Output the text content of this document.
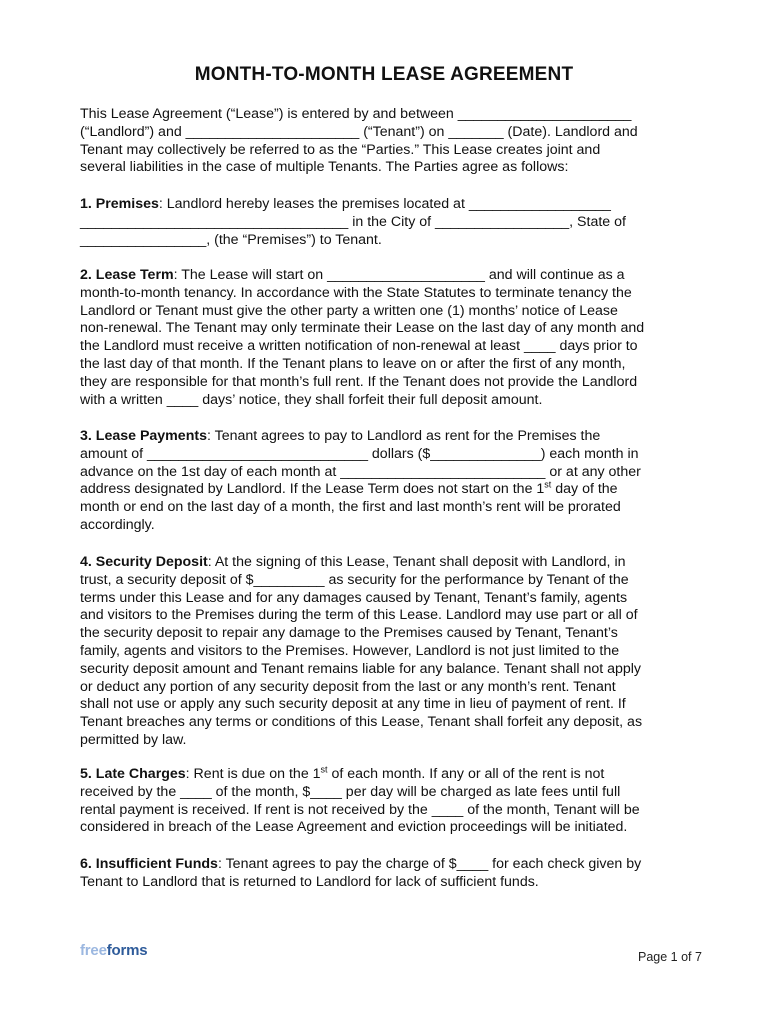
MONTH-TO-MONTH LEASE AGREEMENT
This Lease Agreement (“Lease”) is entered by and between ______________________
(“Landlord”) and ______________________ (“Tenant”) on _______ (Date). Landlord and
Tenant may collectively be referred to as the “Parties.” This Lease creates joint and
several liabilities in the case of multiple Tenants. The Parties agree as follows:
1. Premises: Landlord hereby leases the premises located at __________________
__________________________________ in the City of _________________, State of
________________, (the “Premises”) to Tenant.
2. Lease Term: The Lease will start on ____________________ and will continue as a
month-to-month tenancy. In accordance with the State Statutes to terminate tenancy the
Landlord or Tenant must give the other party a written one (1) months’ notice of Lease
non-renewal. The Tenant may only terminate their Lease on the last day of any month and
the Landlord must receive a written notification of non-renewal at least ____ days prior to
the last day of that month. If the Tenant plans to leave on or after the first of any month,
they are responsible for that month’s full rent. If the Tenant does not provide the Landlord
with a written ____ days’ notice, they shall forfeit their full deposit amount.
3. Lease Payments: Tenant agrees to pay to Landlord as rent for the Premises the
amount of ____________________________ dollars ($______________) each month in
advance on the 1st day of each month at __________________________ or at any other
address designated by Landlord. If the Lease Term does not start on the 1st day of the
month or end on the last day of a month, the first and last month’s rent will be prorated
accordingly.
4. Security Deposit: At the signing of this Lease, Tenant shall deposit with Landlord, in
trust, a security deposit of $_________ as security for the performance by Tenant of the
terms under this Lease and for any damages caused by Tenant, Tenant’s family, agents
and visitors to the Premises during the term of this Lease. Landlord may use part or all of
the security deposit to repair any damage to the Premises caused by Tenant, Tenant’s
family, agents and visitors to the Premises. However, Landlord is not just limited to the
security deposit amount and Tenant remains liable for any balance. Tenant shall not apply
or deduct any portion of any security deposit from the last or any month’s rent. Tenant
shall not use or apply any such security deposit at any time in lieu of payment of rent. If
Tenant breaches any terms or conditions of this Lease, Tenant shall forfeit any deposit, as
permitted by law.
5. Late Charges: Rent is due on the 1st of each month. If any or all of the rent is not
received by the ____ of the month, $____ per day will be charged as late fees until full
rental payment is received. If rent is not received by the ____ of the month, Tenant will be
considered in breach of the Lease Agreement and eviction proceedings will be initiated.
6. Insufficient Funds: Tenant agrees to pay the charge of $____ for each check given by
Tenant to Landlord that is returned to Landlord for lack of sufficient funds.
freeforms	Page 1 of 7
